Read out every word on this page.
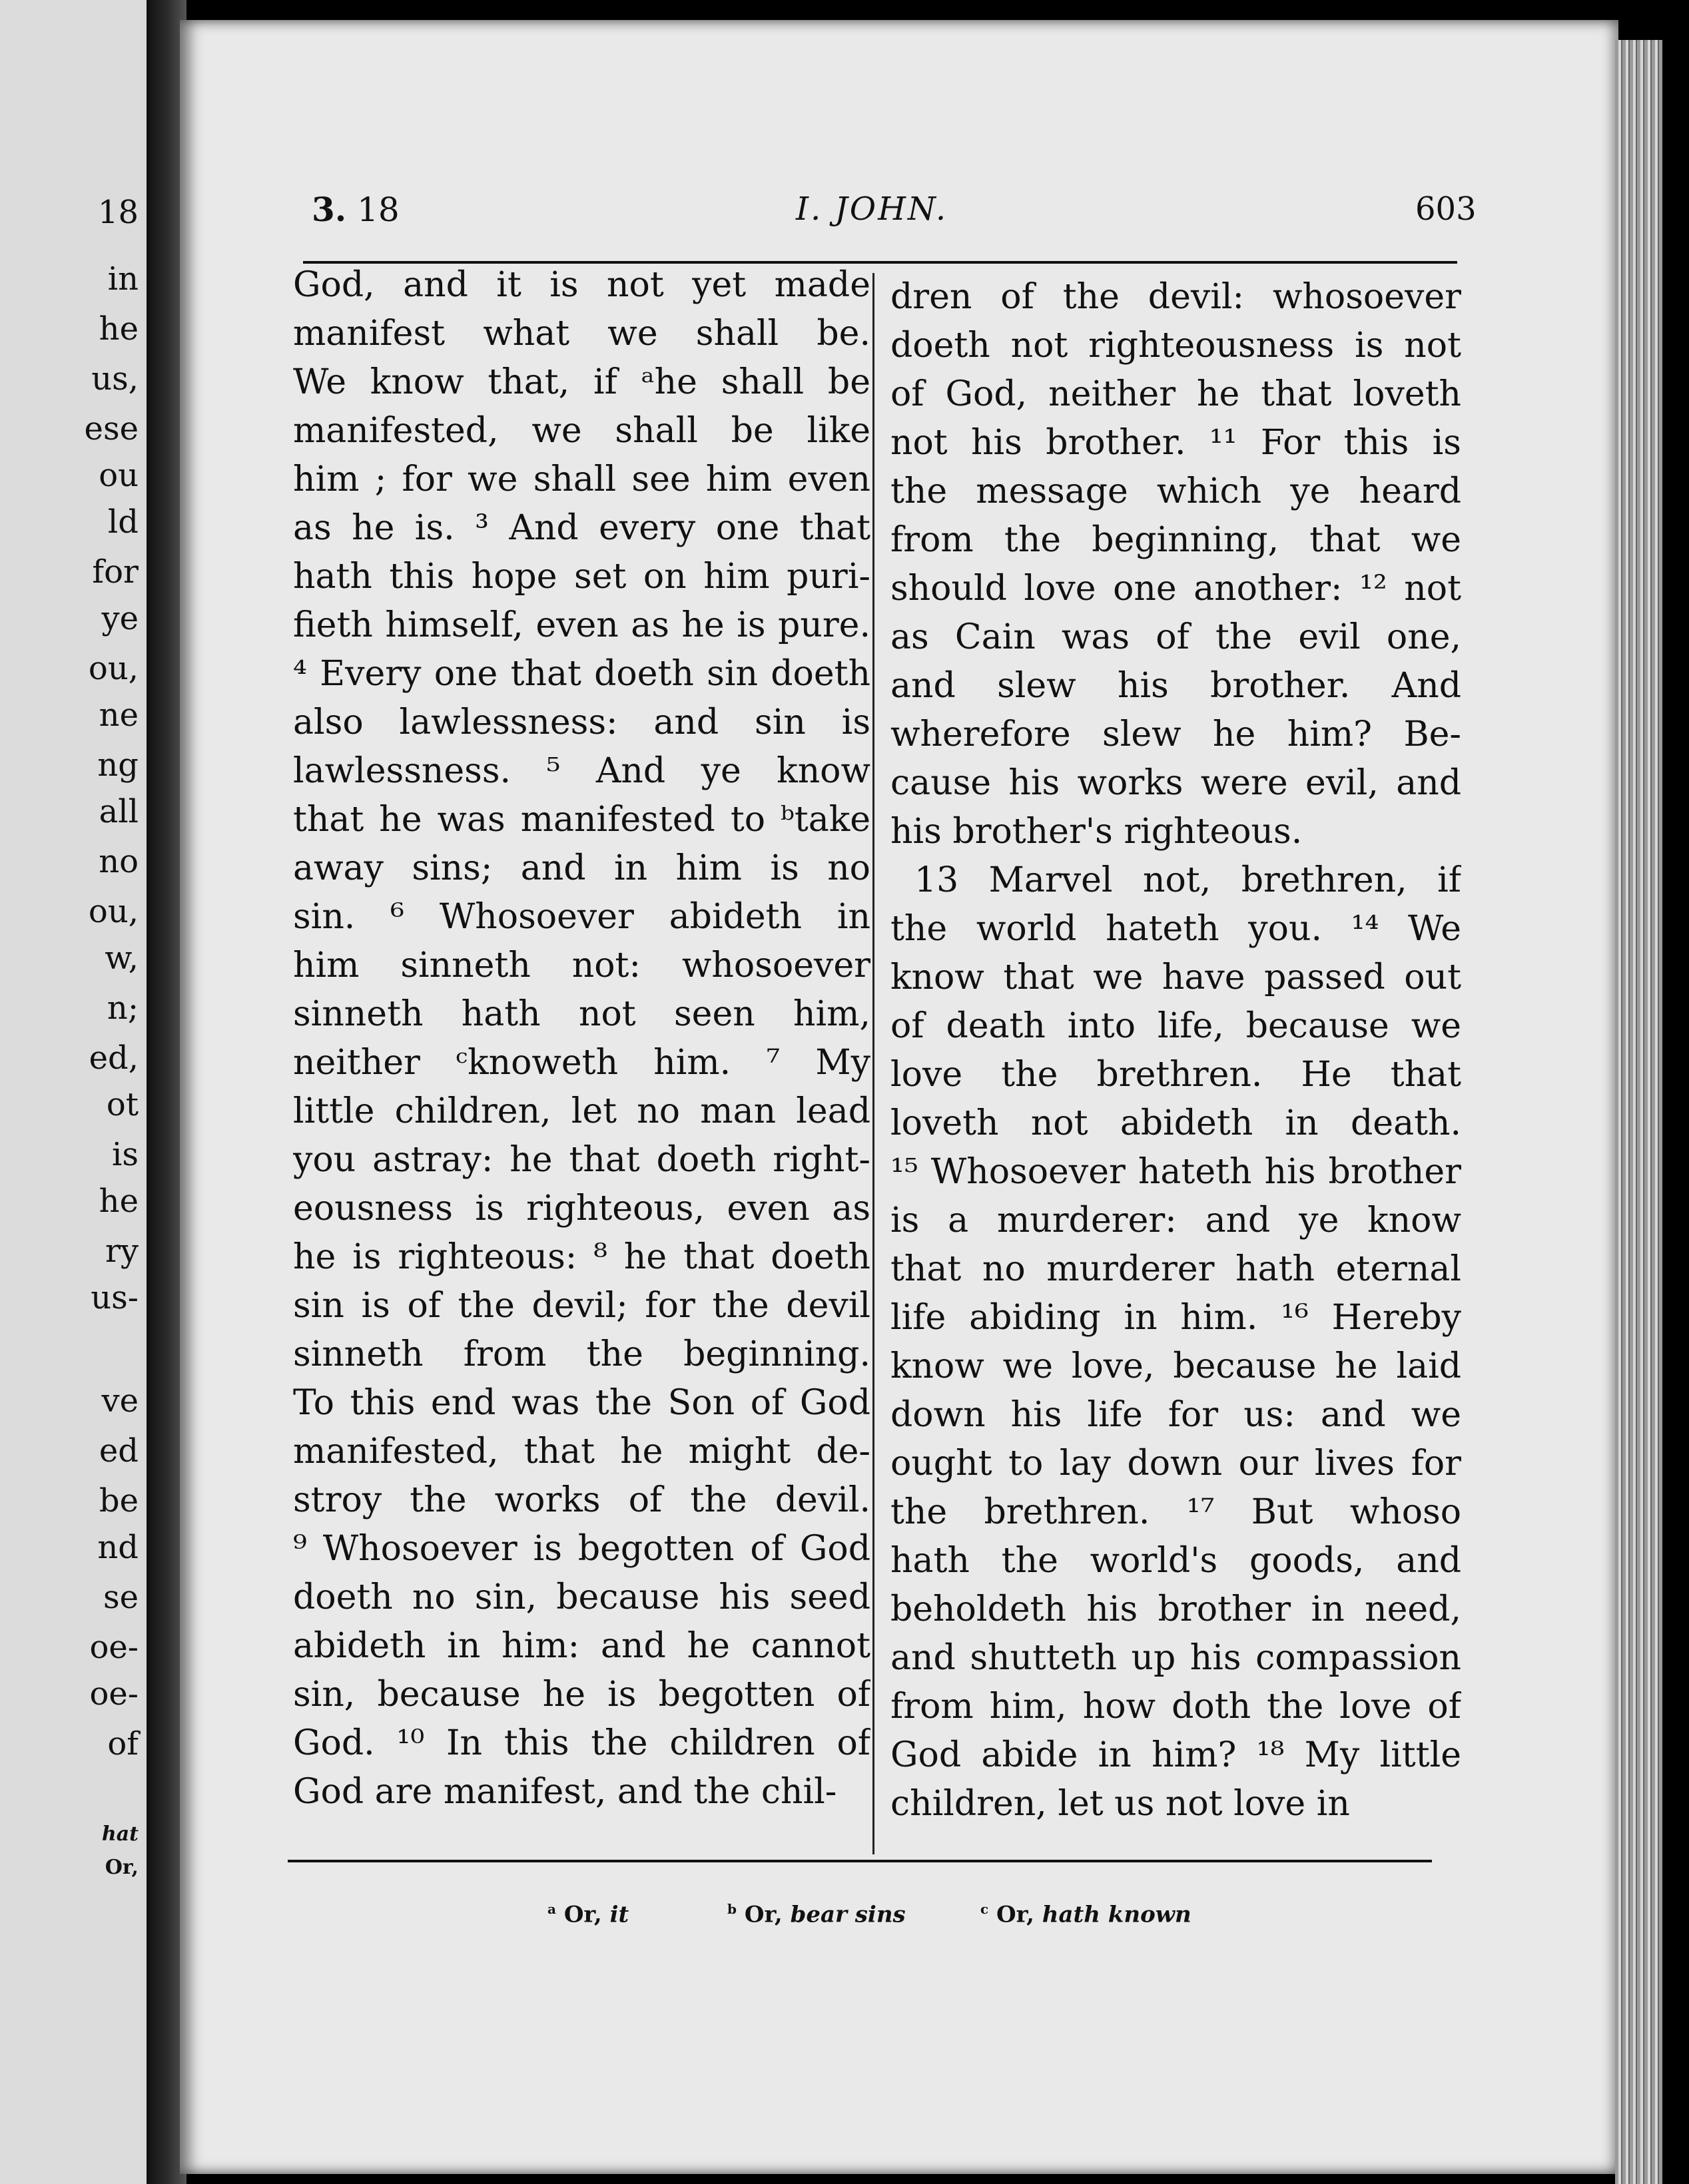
18
in
he
us,
ese
ou
ld
for
ye
ou,
ne
ng
all
no
ou,
w,
n;
ed,
ot
is
he
ry
us-
ve
ed
be
nd
se
oe-
oe-
of
hat
Or,
3. 18	I. JOHN.	603
God, and it is not yet made
manifest what we shall be.
We know that, if ᵃhe shall be
manifested, we shall be like
him ; for we shall see him even
as he is. ³ And every one that
hath this hope set on him puri-
fieth himself, even as he is pure.
⁴ Every one that doeth sin doeth
also lawlessness: and sin is
lawlessness. ⁵ And ye know
that he was manifested to ᵇtake
away sins; and in him is no
sin. ⁶ Whosoever abideth in
him sinneth not: whosoever
sinneth hath not seen him,
neither ᶜknoweth him. ⁷ My
little children, let no man lead
you astray: he that doeth right-
eousness is righteous, even as
he is righteous: ⁸ he that doeth
sin is of the devil; for the devil
sinneth from the beginning.
To this end was the Son of God
manifested, that he might de-
stroy the works of the devil.
⁹ Whosoever is begotten of God
doeth no sin, because his seed
abideth in him: and he cannot
sin, because he is begotten of
God. ¹⁰ In this the children of
God are manifest, and the chil-
dren of the devil: whosoever
doeth not righteousness is not
of God, neither he that loveth
not his brother. ¹¹ For this is
the message which ye heard
from the beginning, that we
should love one another: ¹² not
as Cain was of the evil one,
and slew his brother. And
wherefore slew he him? Be-
cause his works were evil, and
his brother's righteous.
13 Marvel not, brethren, if
the world hateth you. ¹⁴ We
know that we have passed out
of death into life, because we
love the brethren. He that
loveth not abideth in death.
¹⁵ Whosoever hateth his brother
is a murderer: and ye know
that no murderer hath eternal
life abiding in him. ¹⁶ Hereby
know we love, because he laid
down his life for us: and we
ought to lay down our lives for
the brethren. ¹⁷ But whoso
hath the world's goods, and
beholdeth his brother in need,
and shutteth up his compassion
from him, how doth the love of
God abide in him? ¹⁸ My little
children, let us not love in
$^a$ Or, it	$^b$ Or, bear sins	$^c$ Or, hath known
